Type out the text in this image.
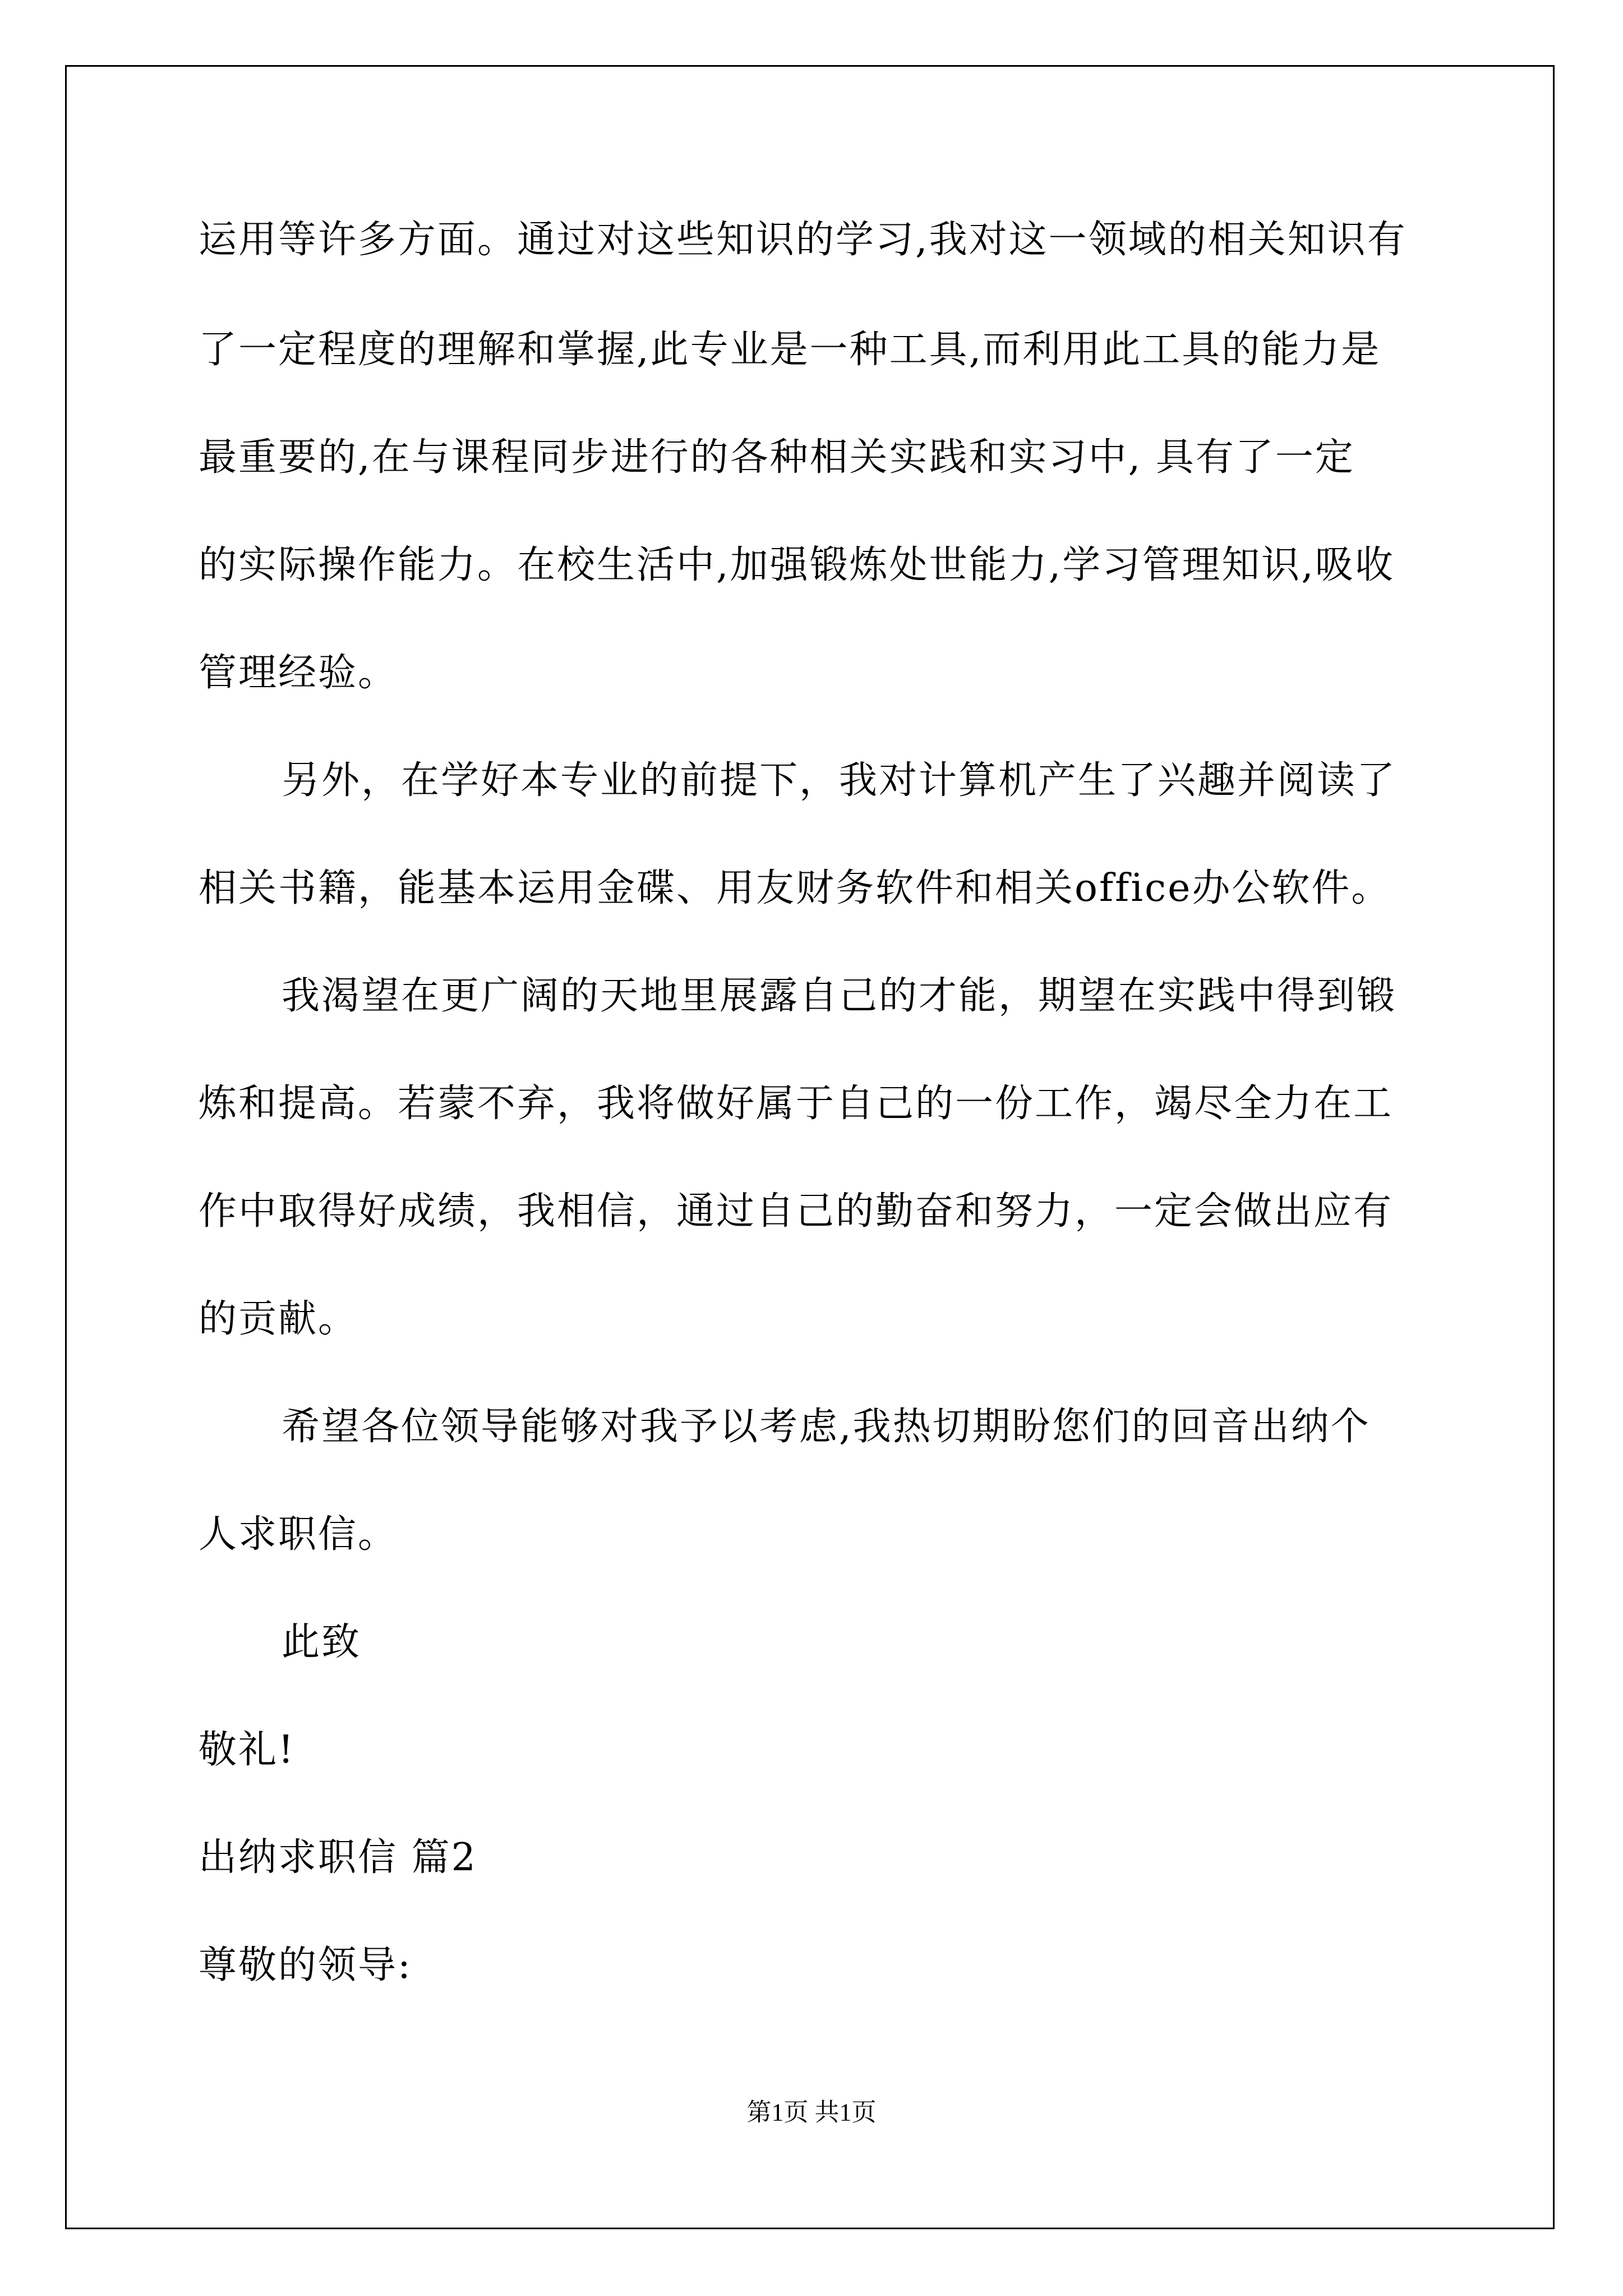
运用等许多方面。通过对这些知识的学习,我对这一领域的相关知识有
了一定程度的理解和掌握,此专业是一种工具,而利用此工具的能力是
最重要的,在与课程同步进行的各种相关实践和实习中, 具有了一定
的实际操作能力。在校生活中,加强锻炼处世能力,学习管理知识,吸收
管理经验。
另外，在学好本专业的前提下，我对计算机产生了兴趣并阅读了
相关书籍，能基本运用金碟、用友财务软件和相关office办公软件。
我渴望在更广阔的天地里展露自己的才能，期望在实践中得到锻
炼和提高。若蒙不弃，我将做好属于自己的一份工作，竭尽全力在工
作中取得好成绩，我相信，通过自己的勤奋和努力，一定会做出应有
的贡献。
希望各位领导能够对我予以考虑,我热切期盼您们的回音出纳个
人求职信。
此致
敬礼!
出纳求职信 篇2
尊敬的领导:
第1页 共1页
